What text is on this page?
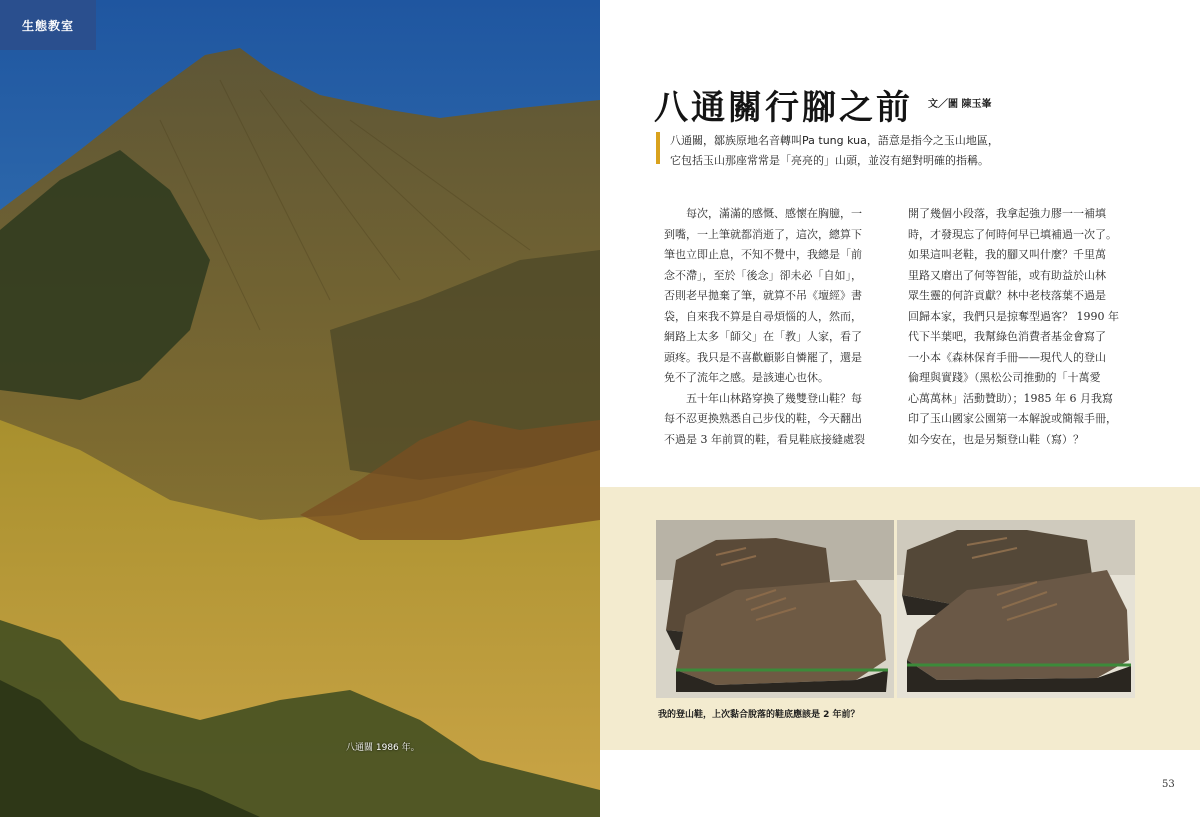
生態教室
八通關 1986 年。
八通關行腳之前 文／圖 陳玉峯
八通關，鄒族原地名音轉叫Pa tung kua，語意是指今之玉山地區，
它包括玉山那座常常是「亮亮的」山頭，並沒有絕對明確的指稱。
　　每次，滿滿的感慨、感懷在胸臆，一
到嘴，一上筆就都消逝了，這次，總算下
筆也立即止息，不知不覺中，我總是「前
念不滯」，至於「後念」卻未必「自如」，
否則老早拋棄了筆，就算不吊《壇經》書
袋，自來我不算是自尋煩惱的人，然而，
網路上太多「師父」在「教」人家，看了
頭疼。我只是不喜歡顧影自憐罷了，還是
免不了流年之感。是該連心也休。
　　五十年山林路穿換了幾雙登山鞋？每
每不忍更換熟悉自己步伐的鞋，今天翻出
不過是 3 年前買的鞋，看見鞋底接縫處裂
開了幾個小段落，我拿起強力膠一一補填
時，才發現忘了何時何早已填補過一次了。
如果這叫老鞋，我的腳又叫什麼？千里萬
里路又磨出了何等智能，或有助益於山林
眾生靈的何許貢獻？林中老枝落葉不過是
回歸本家，我們只是掠奪型過客？ 1990 年
代下半葉吧，我幫綠色消費者基金會寫了
一小本《森林保育手冊——現代人的登山
倫理與實踐》（黑松公司推動的「十萬愛
心萬萬林」活動贊助）；1985 年 6 月我寫
印了玉山國家公園第一本解說或簡報手冊，
如今安在，也是另類登山鞋（寫）？
我的登山鞋，上次黏合脫落的鞋底應該是 2 年前？
53
